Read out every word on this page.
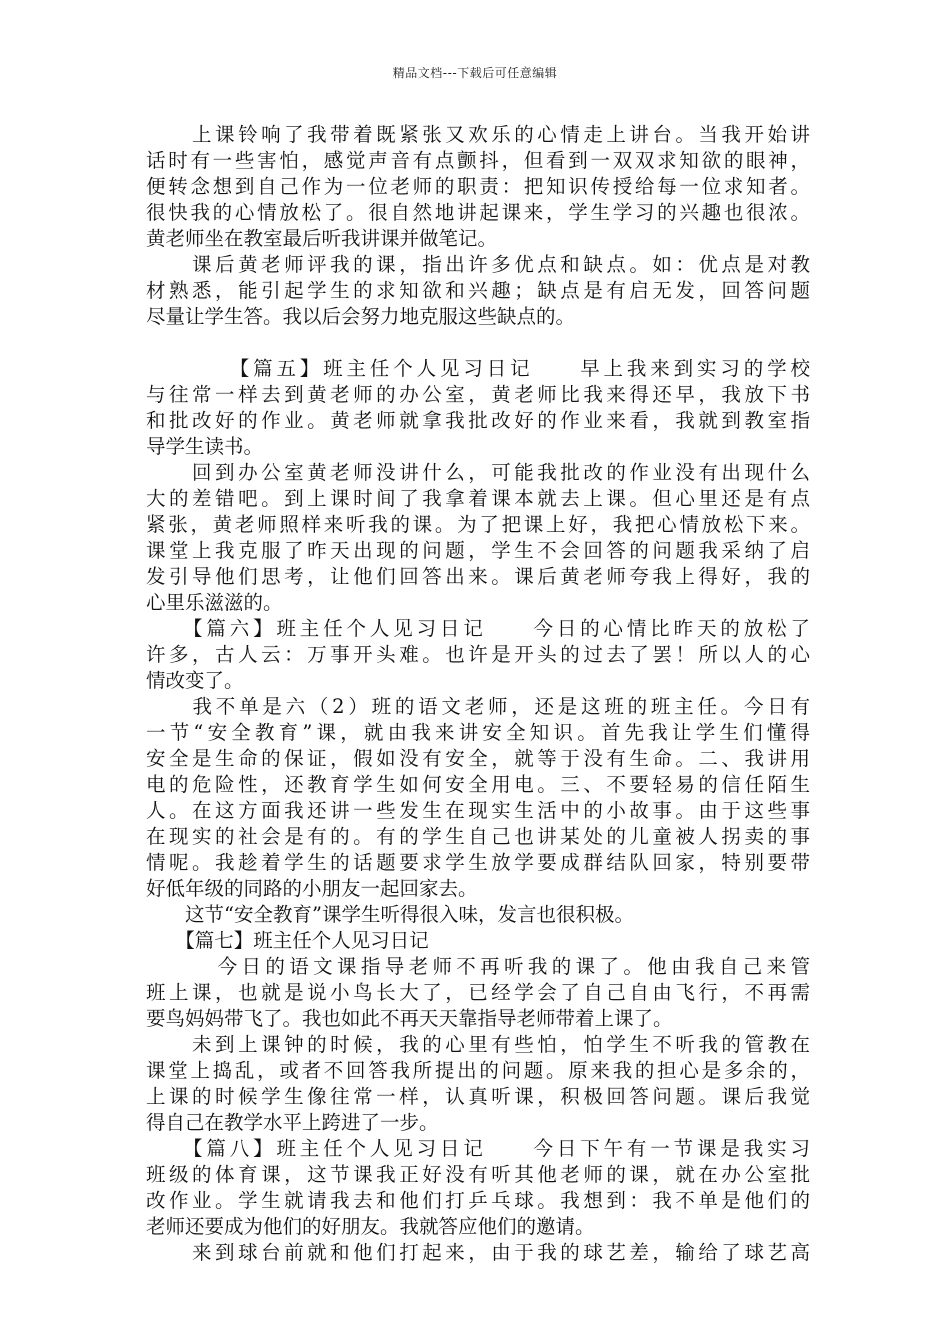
精品文档---下载后可任意编辑
　　上课铃响了我带着既紧张又欢乐的心情走上讲台。当我开始讲
话时有一些害怕，感觉声音有点颤抖，但看到一双双求知欲的眼神，
便转念想到自己作为一位老师的职责：把知识传授给每一位求知者。
很快我的心情放松了。很自然地讲起课来，学生学习的兴趣也很浓。
黄老师坐在教室最后听我讲课并做笔记。
　　课后黄老师评我的课，指出许多优点和缺点。如：优点是对教
材熟悉，能引起学生的求知欲和兴趣；缺点是有启无发，回答问题
尽量让学生答。我以后会努力地克服这些缺点的。
　　　　【篇五】班主任个人见习日记　　早上我来到实习的学校
与往常一样去到黄老师的办公室，黄老师比我来得还早，我放下书
和批改好的作业。黄老师就拿我批改好的作业来看，我就到教室指
导学生读书。
　　回到办公室黄老师没讲什么，可能我批改的作业没有出现什么
大的差错吧。到上课时间了我拿着课本就去上课。但心里还是有点
紧张，黄老师照样来听我的课。为了把课上好，我把心情放松下来。
课堂上我克服了昨天出现的问题，学生不会回答的问题我采纳了启
发引导他们思考，让他们回答出来。课后黄老师夸我上得好，我的
心里乐滋滋的。
　　【篇六】班主任个人见习日记　　今日的心情比昨天的放松了
许多，古人云：万事开头难。也许是开头的过去了罢！所以人的心
情改变了。
　　我不单是六（2）班的语文老师，还是这班的班主任。今日有
一节“安全教育”课，就由我来讲安全知识。首先我让学生们懂得
安全是生命的保证，假如没有安全，就等于没有生命。二、我讲用
电的危险性，还教育学生如何安全用电。三、不要轻易的信任陌生
人。在这方面我还讲一些发生在现实生活中的小故事。由于这些事
在现实的社会是有的。有的学生自己也讲某处的儿童被人拐卖的事
情呢。我趁着学生的话题要求学生放学要成群结队回家，特别要带
好低年级的同路的小朋友一起回家去。
　　这节“安全教育”课学生听得很入味，发言也很积极。
　　【篇七】班主任个人见习日记
　　　今日的语文课指导老师不再听我的课了。他由我自己来管
班上课，也就是说小鸟长大了，已经学会了自己自由飞行，不再需
要鸟妈妈带飞了。我也如此不再天天靠指导老师带着上课了。
　　未到上课钟的时候，我的心里有些怕，怕学生不听我的管教在
课堂上捣乱，或者不回答我所提出的问题。原来我的担心是多余的，
上课的时候学生像往常一样，认真听课，积极回答问题。课后我觉
得自己在教学水平上跨进了一步。
　　【篇八】班主任个人见习日记　　今日下午有一节课是我实习
班级的体育课，这节课我正好没有听其他老师的课，就在办公室批
改作业。学生就请我去和他们打乒乓球。我想到：我不单是他们的
老师还要成为他们的好朋友。我就答应他们的邀请。
　　来到球台前就和他们打起来，由于我的球艺差，输给了球艺高
